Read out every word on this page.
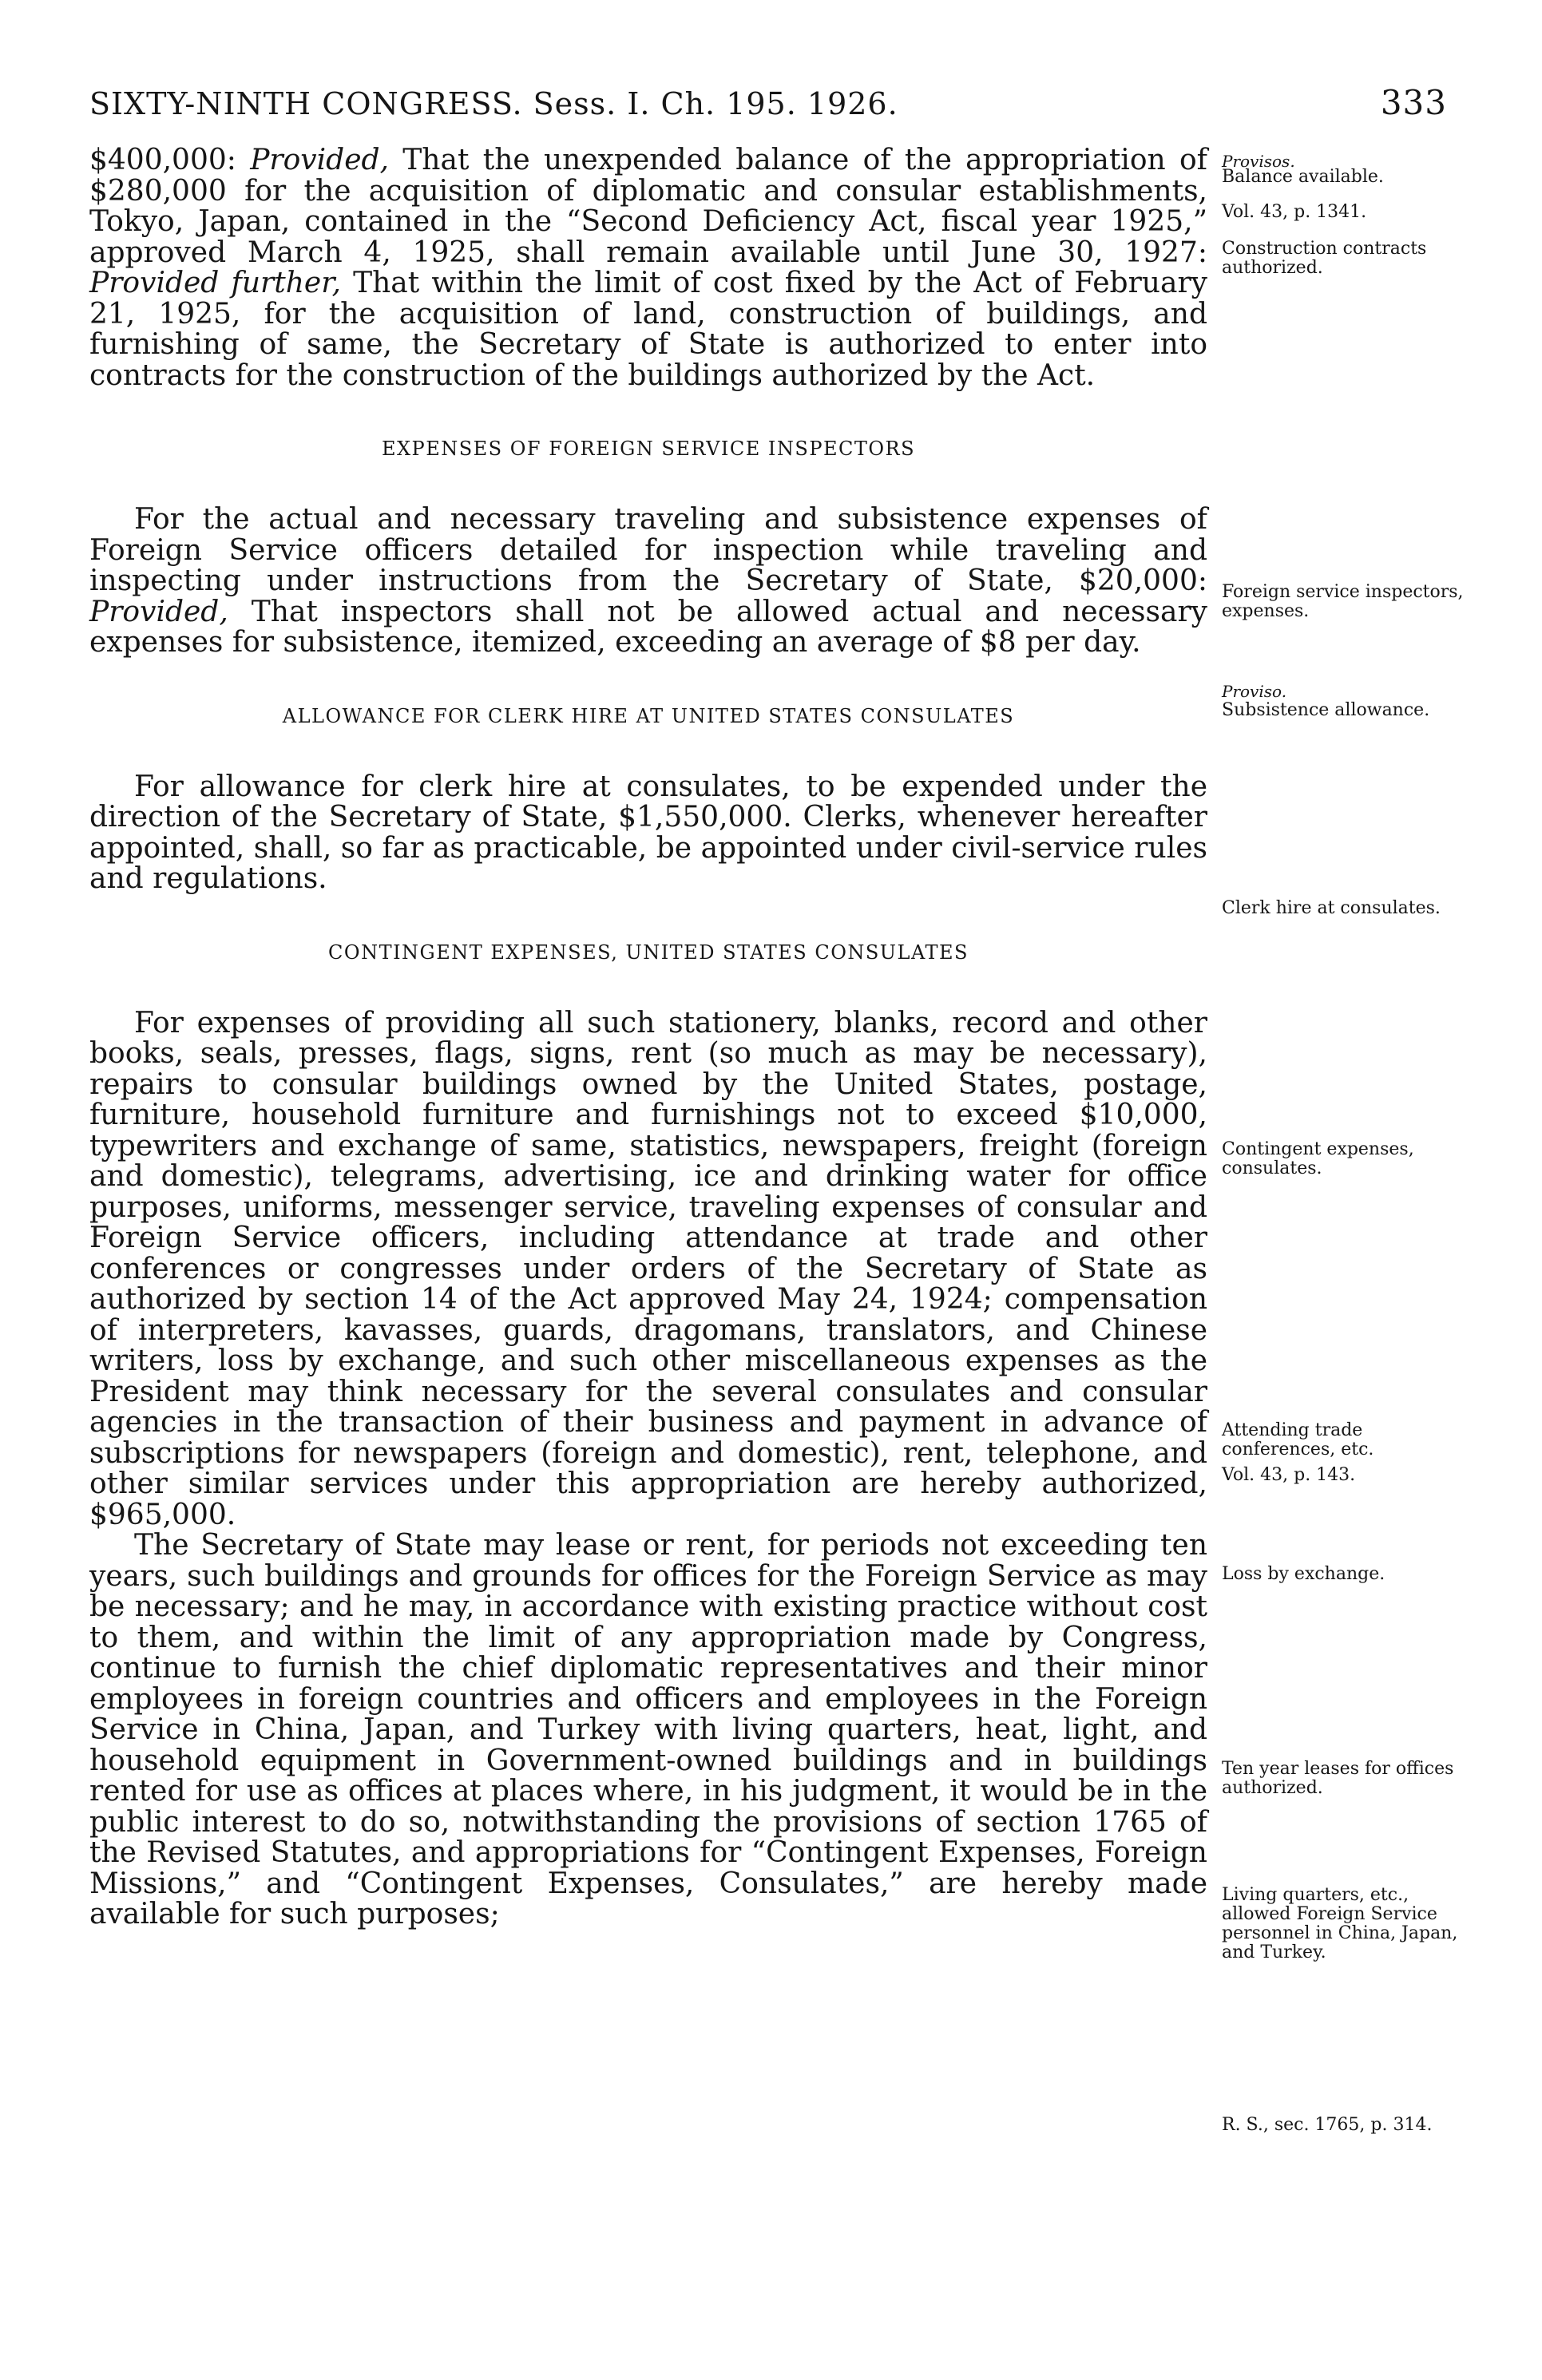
SIXTY-NINTH CONGRESS. Sess. I. Ch. 195. 1926.	333

$400,000: Provided, That the unexpended balance of the appropriation of $280,000 for the acquisition of diplomatic and consular establishments, Tokyo, Japan, contained in the “Second Deficiency Act, fiscal year 1925,” approved March 4, 1925, shall remain available until June 30, 1927: Provided further, That within the limit of cost fixed by the Act of February 21, 1925, for the acquisition of land, construction of buildings, and furnishing of same, the Secretary of State is authorized to enter into contracts for the construction of the buildings authorized by the Act.

EXPENSES OF FOREIGN SERVICE INSPECTORS

For the actual and necessary traveling and subsistence expenses of Foreign Service officers detailed for inspection while traveling and inspecting under instructions from the Secretary of State, $20,000: Provided, That inspectors shall not be allowed actual and necessary expenses for subsistence, itemized, exceeding an average of $8 per day.

ALLOWANCE FOR CLERK HIRE AT UNITED STATES CONSULATES

For allowance for clerk hire at consulates, to be expended under the direction of the Secretary of State, $1,550,000. Clerks, whenever hereafter appointed, shall, so far as practicable, be appointed under civil-service rules and regulations.

CONTINGENT EXPENSES, UNITED STATES CONSULATES

For expenses of providing all such stationery, blanks, record and other books, seals, presses, flags, signs, rent (so much as may be necessary), repairs to consular buildings owned by the United States, postage, furniture, household furniture and furnishings not to exceed $10,000, typewriters and exchange of same, statistics, newspapers, freight (foreign and domestic), telegrams, advertising, ice and drinking water for office purposes, uniforms, messenger service, traveling expenses of consular and Foreign Service officers, including attendance at trade and other conferences or congresses under orders of the Secretary of State as authorized by section 14 of the Act approved May 24, 1924; compensation of interpreters, kavasses, guards, dragomans, translators, and Chinese writers, loss by exchange, and such other miscellaneous expenses as the President may think necessary for the several consulates and consular agencies in the transaction of their business and payment in advance of subscriptions for newspapers (foreign and domestic), rent, telephone, and other similar services under this appropriation are hereby authorized, $965,000.

The Secretary of State may lease or rent, for periods not exceeding ten years, such buildings and grounds for offices for the Foreign Service as may be necessary; and he may, in accordance with existing practice without cost to them, and within the limit of any appropriation made by Congress, continue to furnish the chief diplomatic representatives and their minor employees in foreign countries and officers and employees in the Foreign Service in China, Japan, and Turkey with living quarters, heat, light, and household equipment in Government-owned buildings and in buildings rented for use as offices at places where, in his judgment, it would be in the public interest to do so, notwithstanding the provisions of section 1765 of the Revised Statutes, and appropriations for “Contingent Expenses, Foreign Missions,” and “Contingent Expenses, Consulates,” are hereby made available for such purposes;

Provisos.
Balance available.
Vol. 43, p. 1341.
Construction contracts authorized.
Foreign service inspectors, expenses.
Proviso.
Subsistence allowance.
Clerk hire at consulates.
Contingent expenses, consulates.
Attending trade conferences, etc.
Vol. 43, p. 143.
Loss by exchange.
Ten year leases for offices authorized.
Living quarters, etc., allowed Foreign Service personnel in China, Japan, and Turkey.
R. S., sec. 1765, p. 314.
